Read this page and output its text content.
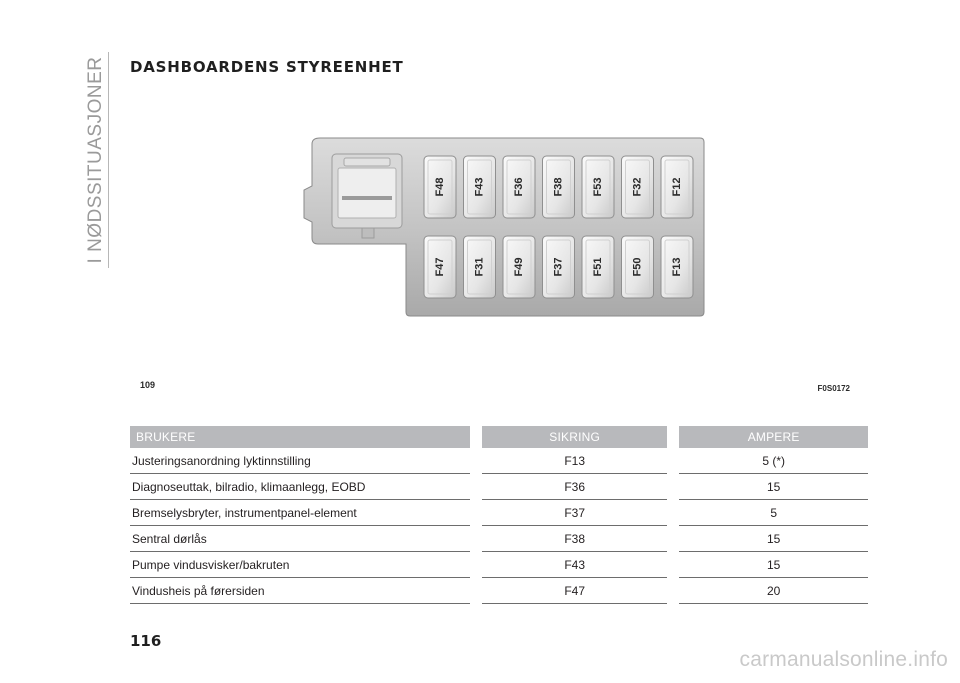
I NØDSSITUASJONER DASHBOARDENS STYREENHET
F48	F43	F36	F38	F53	F32	F12
F47	F31	F49	F37	F51	F50	F13
109	F0S0172
BRUKERE		SIKRING		AMPERE
Justeringsanordning lyktinnstilling		F13		5 (*)
Diagnoseuttak, bilradio, klimaanlegg, EOBD		F36		15
Bremselysbryter, instrumentpanel-element		F37		5
Sentral dørlås		F38		15
Pumpe vindusvisker/bakruten		F43		15
Vindusheis på førersiden		F47		20
116
carmanualsonline.info
